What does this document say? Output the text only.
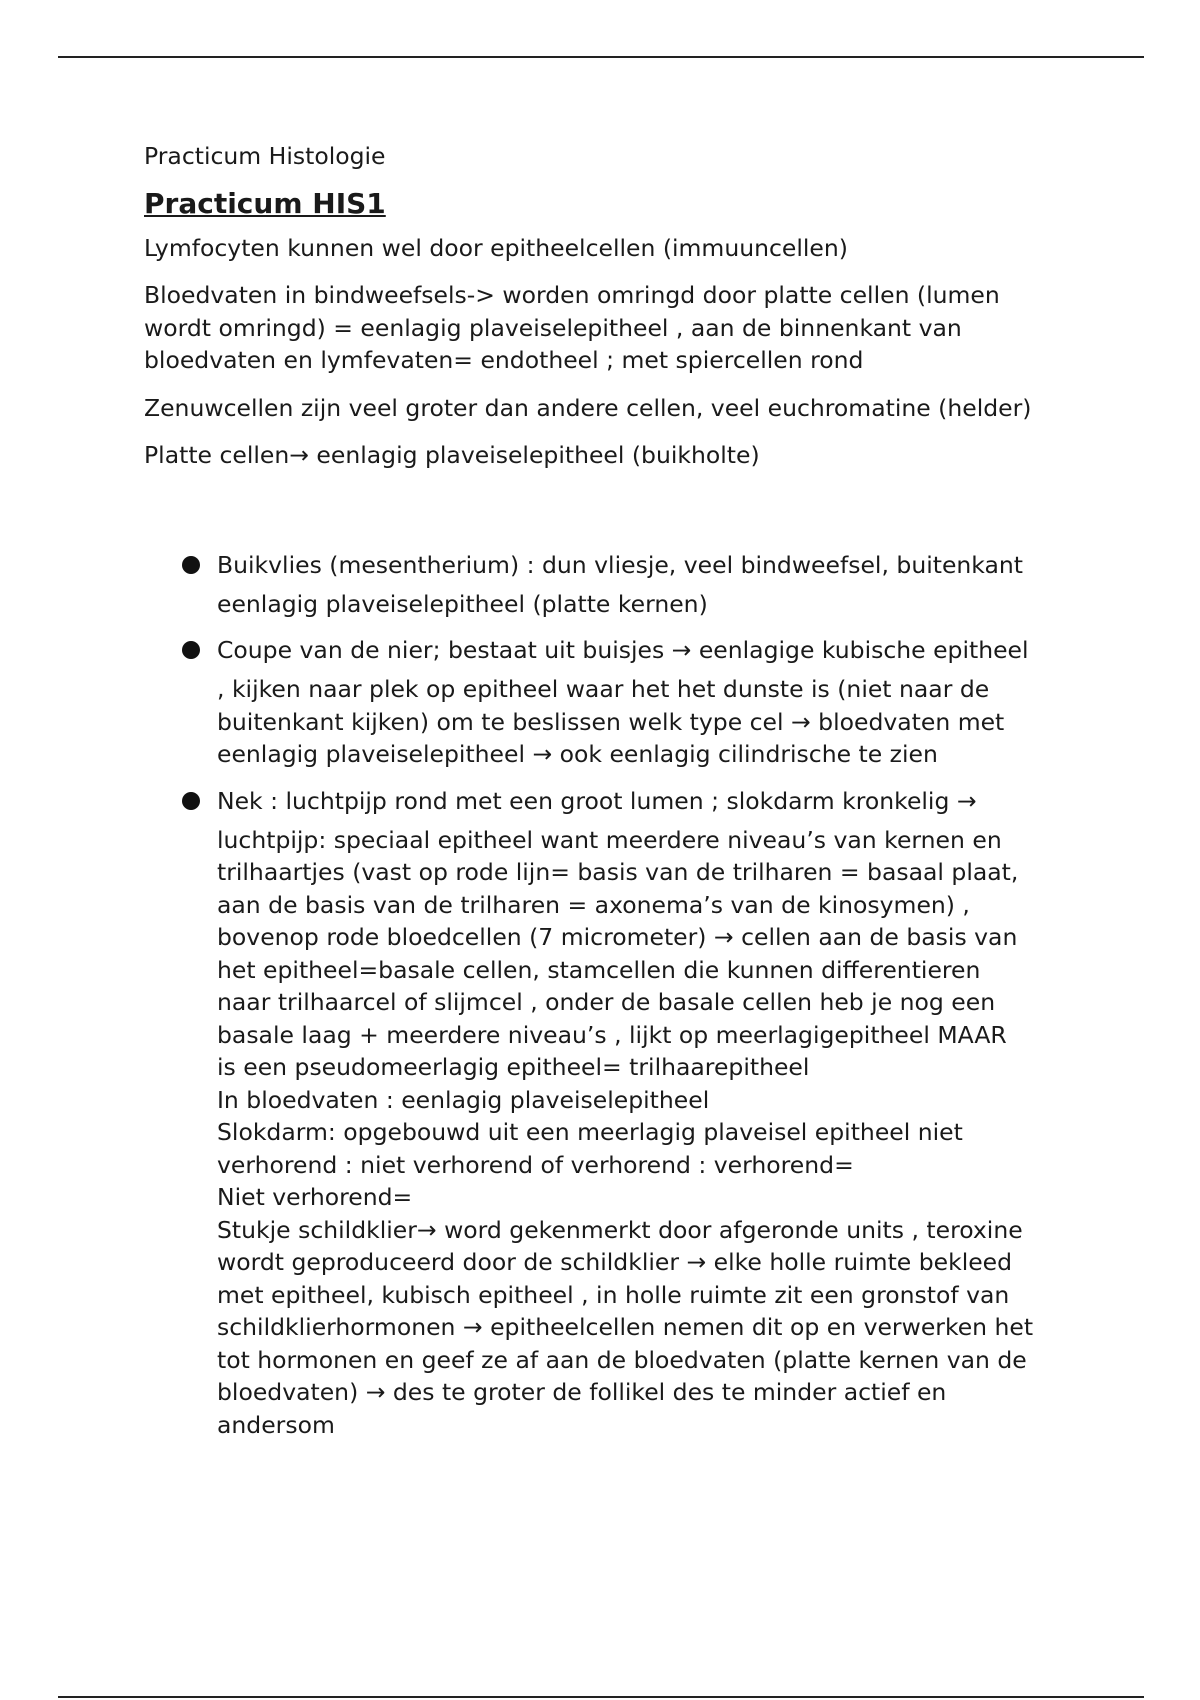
Practicum Histologie
Practicum HIS1
Lymfocyten kunnen wel door epitheelcellen (immuuncellen)
Bloedvaten in bindweefsels-> worden omringd door platte cellen (lumen
wordt omringd) = eenlagig plaveiselepitheel , aan de binnenkant van
bloedvaten en lymfevaten= endotheel ; met spiercellen rond
Zenuwcellen zijn veel groter dan andere cellen, veel euchromatine (helder)
Platte cellen→ eenlagig plaveiselepitheel (buikholte)
Buikvlies (mesentherium) : dun vliesje, veel bindweefsel, buitenkant
eenlagig plaveiselepitheel (platte kernen)
Coupe van de nier; bestaat uit buisjes → eenlagige kubische epitheel
, kijken naar plek op epitheel waar het het dunste is (niet naar de
buitenkant kijken) om te beslissen welk type cel → bloedvaten met
eenlagig plaveiselepitheel → ook eenlagig cilindrische te zien
Nek : luchtpijp rond met een groot lumen ; slokdarm kronkelig →
luchtpijp: speciaal epitheel want meerdere niveau’s van kernen en
trilhaartjes (vast op rode lijn= basis van de trilharen = basaal plaat,
aan de basis van de trilharen = axonema’s van de kinosymen) ,
bovenop rode bloedcellen (7 micrometer) → cellen aan de basis van
het epitheel=basale cellen, stamcellen die kunnen differentieren
naar trilhaarcel of slijmcel , onder de basale cellen heb je nog een
basale laag + meerdere niveau’s , lijkt op meerlagigepitheel MAAR
is een pseudomeerlagig epitheel= trilhaarepitheel
In bloedvaten : eenlagig plaveiselepitheel
Slokdarm: opgebouwd uit een meerlagig plaveisel epitheel niet
verhorend : niet verhorend of verhorend : verhorend=
Niet verhorend=
Stukje schildklier→ word gekenmerkt door afgeronde units , teroxine
wordt geproduceerd door de schildklier → elke holle ruimte bekleed
met epitheel, kubisch epitheel , in holle ruimte zit een gronstof van
schildklierhormonen → epitheelcellen nemen dit op en verwerken het
tot hormonen en geef ze af aan de bloedvaten (platte kernen van de
bloedvaten) → des te groter de follikel des te minder actief en
andersom
